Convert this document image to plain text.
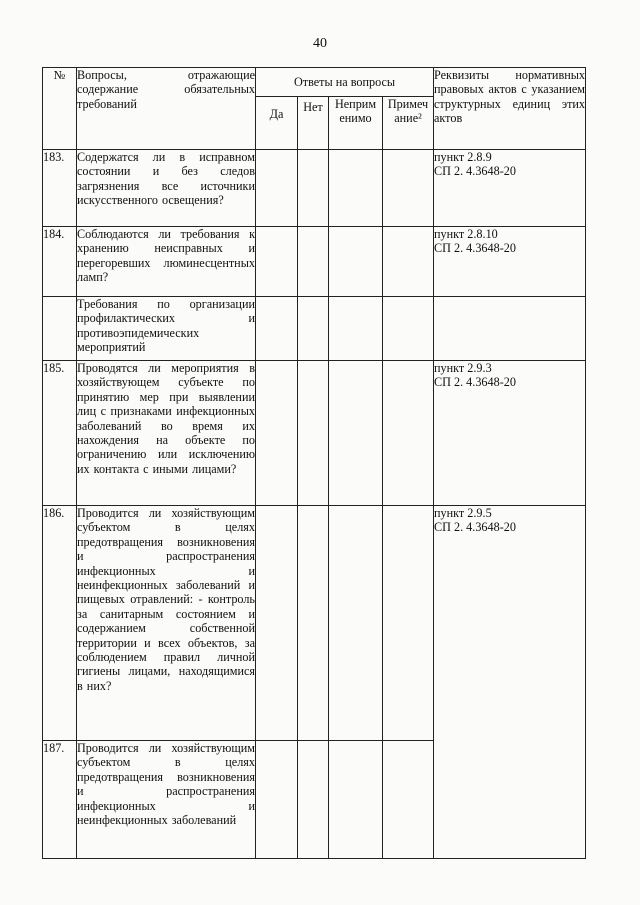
40
№	Вопросы, отражающие содержание обязательных требований	Ответы на вопросы				Реквизиты нормативных правовых актов с указанием структурных единиц этих актов
		Да	Нет	Неприм енимо	Примеч ание²	
183.	Содержатся ли в исправном состоянии и без следов загрязнения все источники искусственного освещения?					пункт 2.8.9
СП 2. 4.3648-20

184.	Соблюдаются ли требования к хранению неисправных и перегоревших люминесцентных ламп?					пункт 2.8.10
СП 2. 4.3648-20

	Требования по организации профилактических и противоэпидемических мероприятий					
185.	Проводятся ли мероприятия в хозяйствующем субъекте по принятию мер при выявлении лиц с признаками инфекционных заболеваний во время их нахождения на объекте по ограничению или исключению их контакта с иными лицами?					пункт 2.9.3
СП 2. 4.3648-20

186.	Проводится ли хозяйствующим субъектом в целях предотвращения возникновения и распространения инфекционных и неинфекционных заболеваний и пищевых отравлений: - контроль за санитарным состоянием и содержанием собственной территории и всех объектов, за соблюдением правил личной гигиены лицами, находящимися в них?					пункт 2.9.5
СП 2. 4.3648-20

187.	Проводится ли хозяйствующим субъектом в целях предотвращения возникновения и распространения инфекционных и неинфекционных заболеваний					
